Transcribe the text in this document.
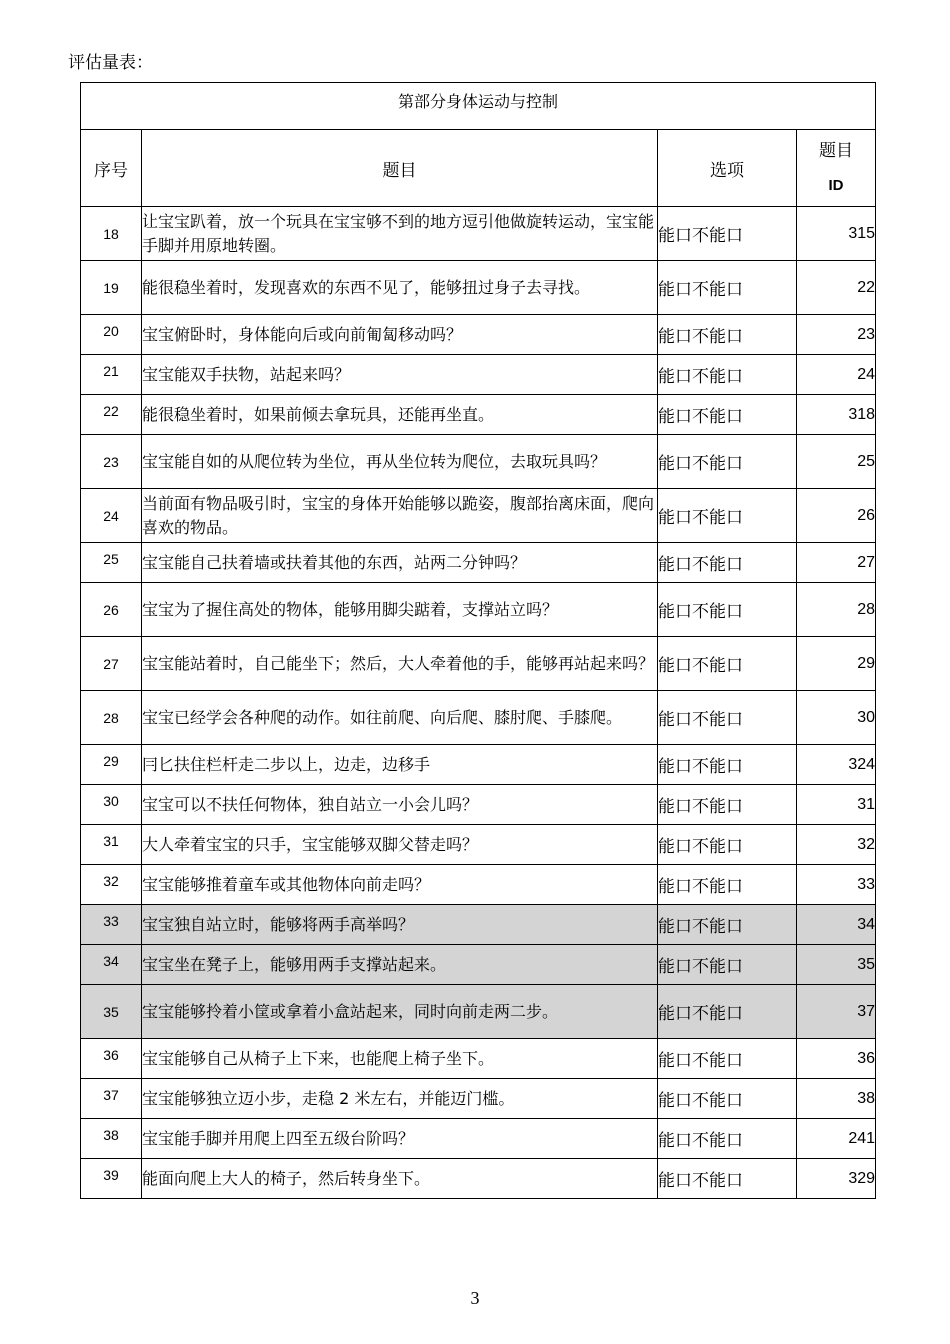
评估量表：
第部分身体运动与控制			
序号	题目	选项	题目
ID
18	让宝宝趴着，放一个玩具在宝宝够不到的地方逗引他做旋转运动，宝宝能手脚并用原地转圈。	能口不能口	315
19	能很稳坐着时，发现喜欢的东西不见了，能够扭过身子去寻找。	能口不能口	22
20	宝宝俯卧时，身体能向后或向前匍匐移动吗？	能口不能口	23
21	宝宝能双手扶物，站起来吗？	能口不能口	24
22	能很稳坐着时，如果前倾去拿玩具，还能再坐直。	能口不能口	318
23	宝宝能自如的从爬位转为坐位，再从坐位转为爬位，去取玩具吗？	能口不能口	25
24	当前面有物品吸引时，宝宝的身体开始能够以跪姿，腹部抬离床面，爬向喜欢的物品。	能口不能口	26
25	宝宝能自己扶着墙或扶着其他的东西，站两二分钟吗？	能口不能口	27
26	宝宝为了握住高处的物体，能够用脚尖踮着，支撑站立吗？	能口不能口	28
27	宝宝能站着时，自己能坐下；然后，大人牵着他的手，能够再站起来吗？	能口不能口	29
28	宝宝已经学会各种爬的动作。如往前爬、向后爬、膝肘爬、手膝爬。	能口不能口	30
29	冃匕扶住栏杆走二步以上，边走，边移手	能口不能口	324
30	宝宝可以不扶任何物体，独自站立一小会儿吗？	能口不能口	31
31	大人牵着宝宝的只手，宝宝能够双脚父替走吗？	能口不能口	32
32	宝宝能够推着童车或其他物体向前走吗？	能口不能口	33
33	宝宝独自站立时，能够将两手高举吗？	能口不能口	34
34	宝宝坐在凳子上，能够用两手支撑站起来。	能口不能口	35
35	宝宝能够拎着小筐或拿着小盒站起来，同时向前走两二步。	能口不能口	37
36	宝宝能够自己从椅子上下来，也能爬上椅子坐下。	能口不能口	36
37	宝宝能够独立迈小步，走稳 2 米左右，并能迈门槛。	能口不能口	38
38	宝宝能手脚并用爬上四至五级台阶吗？	能口不能口	241
39	能面向爬上大人的椅子，然后转身坐下。	能口不能口	329
3
